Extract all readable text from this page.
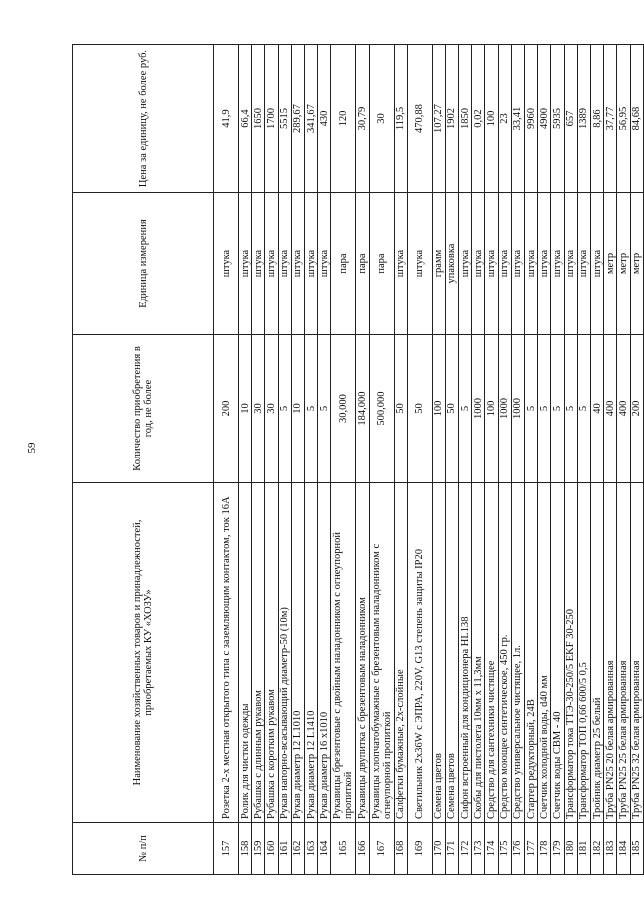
59
№ п/п	Наименование хозяйственных товаров и принадлежностей, приобретаемых КУ «ХОЗУ»	Количество приобретения в год, не более	Единица измерения	Цена за единицу, не более руб.
157	Розетка 2-х местная открытого типа с заземляющим контактом, ток 16А	200	штука	41,9
158	Ролик для чистки одежды	10	штука	66,4
159	Рубашка с длинным рукавом	30	штука	1650
160	Рубашка с коротким рукавом	30	штука	1700
161	Рукав напорно-всасывающий диаметр-50 (10м)	5	штука	5515
162	Рукав диаметр 12 L1010	10	штука	289,67
163	Рукав диаметр 12 L1410	5	штука	341,67
164	Рукав диаметр 16 x1010	5	штука	430
165	Рукавицы брезентовые с двойным наладонником с огнеупорной пропиткой	30,000	пара	120
166	Рукавицы двупитка с брезентовым наладонником	184,000	пара	30,79
167	Рукавицы хлопчатобумажные с брезентовым наладонником с огнеупорной пропиткой	500,000	пара	30
168	Салфетки бумажные, 2х-слойные	50	штука	119,5
169	Светильник 2х36W с ЭПРА, 220V, G13 степень защиты IP20	50	штука	470,88
170	Семена цветов	100	грамм	107,27
171	Семена цветов	50	упаковка	1902
172	Сифон встроенный для кондиционера HL138	5	штука	1850
173	Скобы для пистолета 10мм х 11,3мм	1000	штука	0,02
174	Средство для сантехники чистящее	100	штука	100
175	Средство моющее синтетическое, 450 гр.	1000	штука	23
176	Средство универсальное чистящее, 1л.	1000	штука	33,41
177	Стартер редукторный, 24В	5	штука	9960
178	Счетчик холодной воды, d40 мм	5	штука	4900
179	Счетчик воды СВМ - 40	5	штука	5935
180	Трансформатор тока ТТЭ-30-250/5 EKF 30-250	5	штука	657
181	Трансформатор ТОП 0,66 600/5 0,5	5	штука	1389
182	Тройник диаметр 25 белый	40	штука	8,86
183	Труба PN25 20 белая армированная	400	метр	37,77
184	Труба PN25 25 белая армированная	400	метр	56,95
185	Труба PN25 32 белая армированная	200	метр	84,68
